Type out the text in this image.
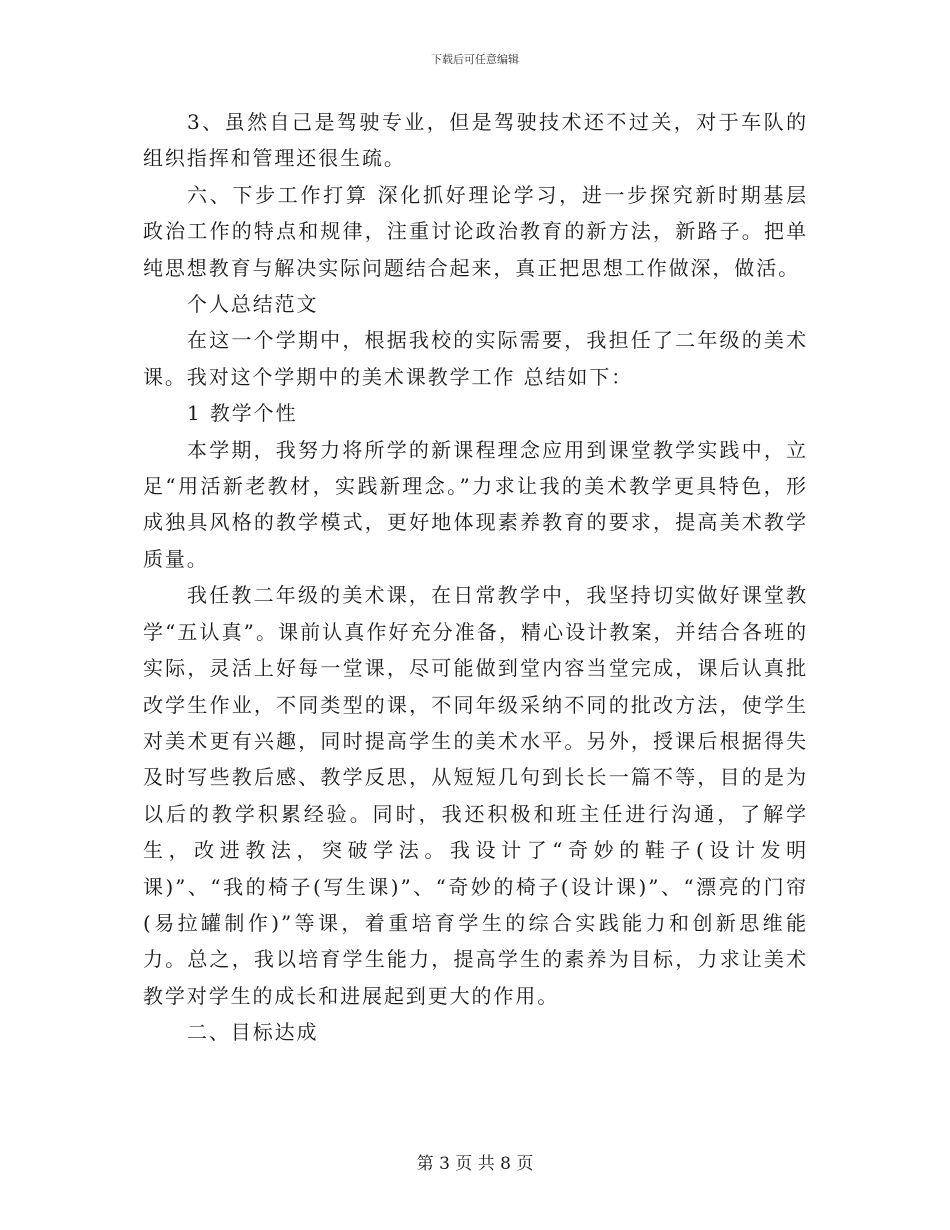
下载后可任意编辑

3、虽然自己是驾驶专业，但是驾驶技术还不过关，对于车队的组织指挥和管理还很生疏。

六、下步工作打算 深化抓好理论学习，进一步探究新时期基层政治工作的特点和规律，注重讨论政治教育的新方法，新路子。把单纯思想教育与解决实际问题结合起来，真正把思想工作做深，做活。

个人总结范文

在这一个学期中，根据我校的实际需要，我担任了二年级的美术课。我对这个学期中的美术课教学工作 总结如下：

1 教学个性

本学期，我努力将所学的新课程理念应用到课堂教学实践中，立足“用活新老教材，实践新理念。”力求让我的美术教学更具特色，形成独具风格的教学模式，更好地体现素养教育的要求，提高美术教学质量。

我任教二年级的美术课，在日常教学中，我坚持切实做好课堂教学“五认真”。课前认真作好充分准备，精心设计教案，并结合各班的实际，灵活上好每一堂课，尽可能做到堂内容当堂完成，课后认真批改学生作业，不同类型的课，不同年级采纳不同的批改方法，使学生对美术更有兴趣，同时提高学生的美术水平。另外，授课后根据得失及时写些教后感、教学反思，从短短几句到长长一篇不等，目的是为以后的教学积累经验。同时，我还积极和班主任进行沟通，了解学生，改进教法，突破学法。我设计了“奇妙的鞋子(设计发明课)”、“我的椅子(写生课)”、“奇妙的椅子(设计课)”、“漂亮的门帘(易拉罐制作)”等课，着重培育学生的综合实践能力和创新思维能力。总之，我以培育学生能力，提高学生的素养为目标，力求让美术教学对学生的成长和进展起到更大的作用。

二、目标达成

第 3 页 共 8 页
